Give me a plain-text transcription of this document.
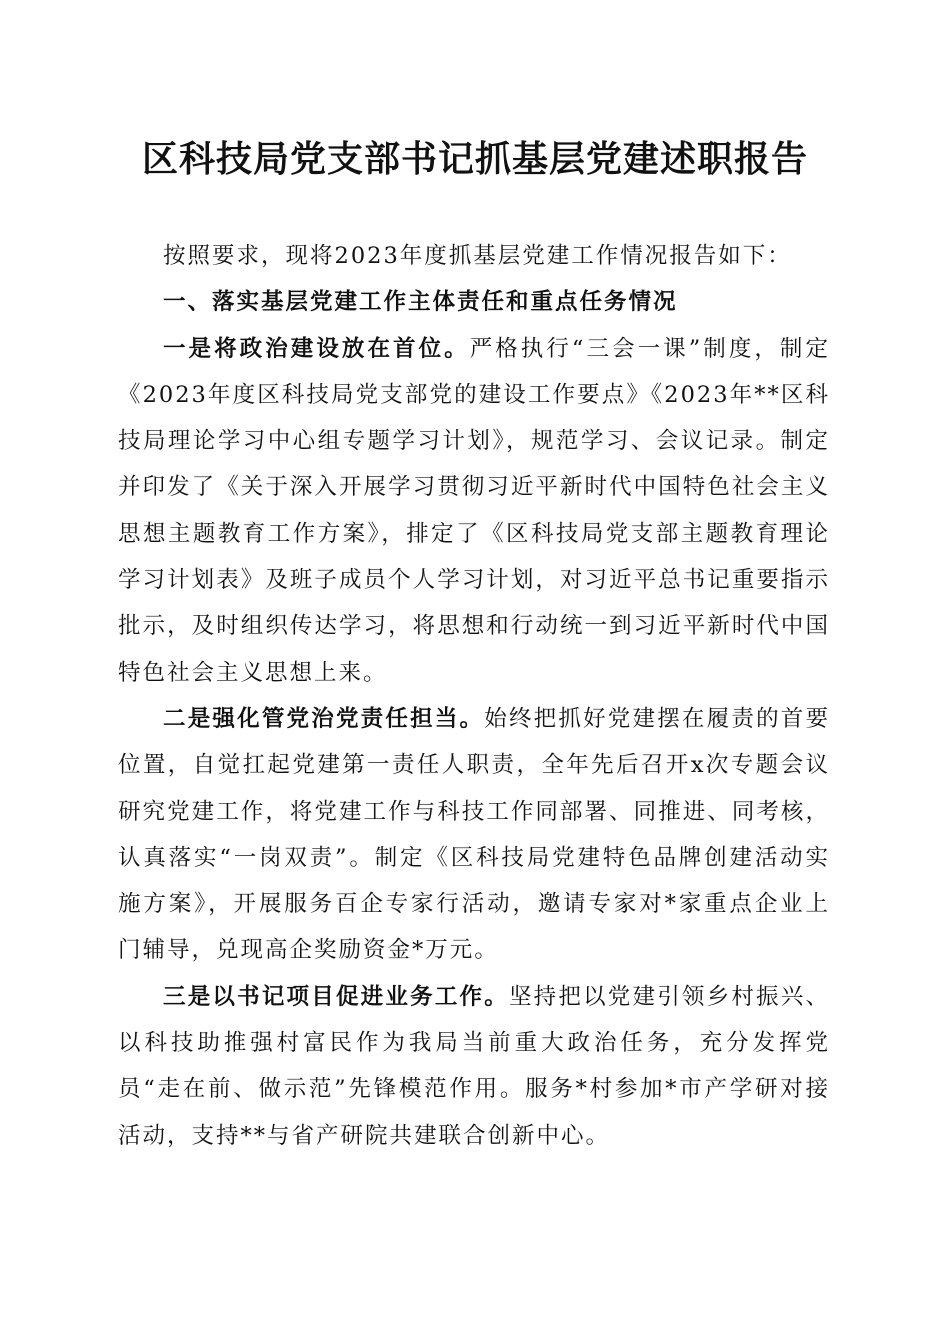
区科技局党支部书记抓基层党建述职报告

按照要求，现将2023年度抓基层党建工作情况报告如下：

一、落实基层党建工作主体责任和重点任务情况

一是将政治建设放在首位。严格执行“三会一课”制度，制定《2023年度区科技局党支部党的建设工作要点》《2023年**区科技局理论学习中心组专题学习计划》，规范学习、会议记录。制定并印发了《关于深入开展学习贯彻习近平新时代中国特色社会主义思想主题教育工作方案》，排定了《区科技局党支部主题教育理论学习计划表》及班子成员个人学习计划，对习近平总书记重要指示批示，及时组织传达学习，将思想和行动统一到习近平新时代中国特色社会主义思想上来。

二是强化管党治党责任担当。始终把抓好党建摆在履责的首要位置，自觉扛起党建第一责任人职责，全年先后召开x次专题会议研究党建工作，将党建工作与科技工作同部署、同推进、同考核，认真落实“一岗双责”。制定《区科技局党建特色品牌创建活动实施方案》，开展服务百企专家行活动，邀请专家对*家重点企业上门辅导，兑现高企奖励资金*万元。

三是以书记项目促进业务工作。坚持把以党建引领乡村振兴、以科技助推强村富民作为我局当前重大政治任务，充分发挥党员“走在前、做示范”先锋模范作用。服务*村参加*市产学研对接活动，支持**与省产研院共建联合创新中心。
